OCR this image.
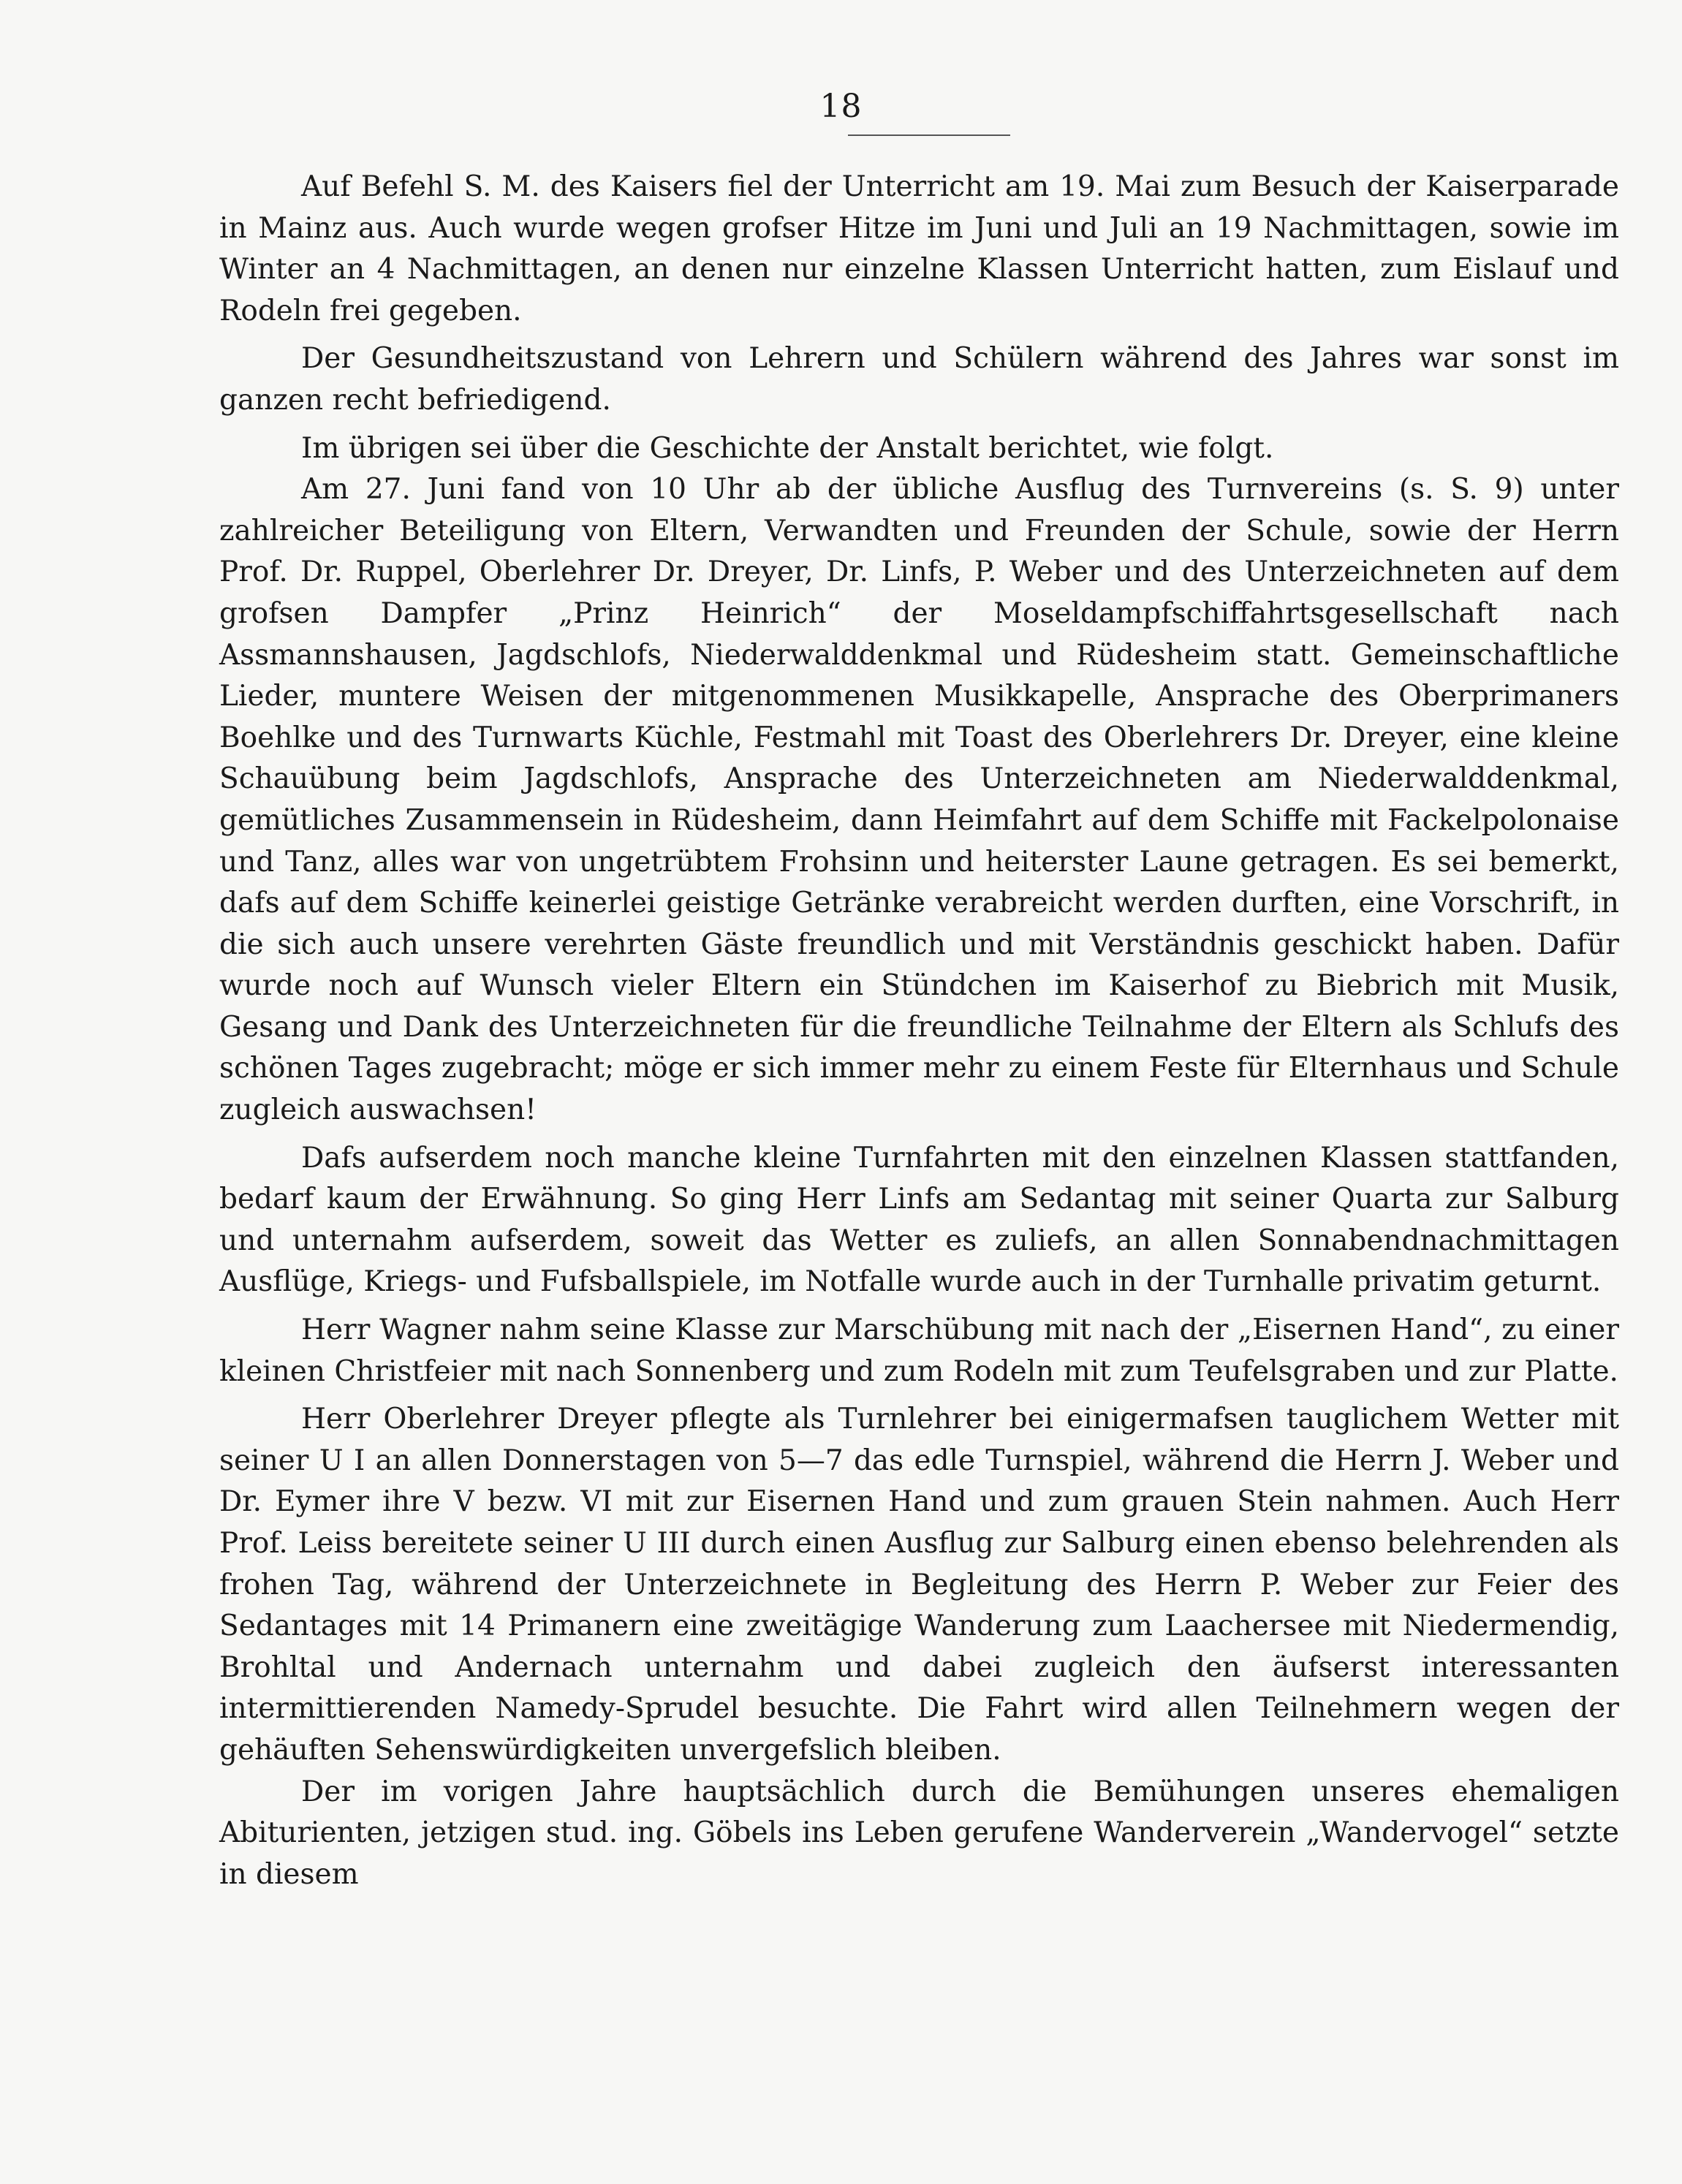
18

Auf Befehl S. M. des Kaisers fiel der Unterricht am 19. Mai zum Besuch der Kaiserparade in Mainz aus. Auch wurde wegen grofser Hitze im Juni und Juli an 19 Nachmittagen, sowie im Winter an 4 Nachmittagen, an denen nur einzelne Klassen Unterricht hatten, zum Eislauf und Rodeln frei gegeben.

Der Gesundheitszustand von Lehrern und Schülern während des Jahres war sonst im ganzen recht befriedigend.

Im übrigen sei über die Geschichte der Anstalt berichtet, wie folgt.

Am 27. Juni fand von 10 Uhr ab der übliche Ausflug des Turnvereins (s. S. 9) unter zahlreicher Beteiligung von Eltern, Verwandten und Freunden der Schule, sowie der Herrn Prof. Dr. Ruppel, Oberlehrer Dr. Dreyer, Dr. Linfs, P. Weber und des Unterzeichneten auf dem grofsen Dampfer „Prinz Heinrich“ der Moseldampfschiffahrtsgesellschaft nach Assmannshausen, Jagdschlofs, Niederwalddenkmal und Rüdesheim statt. Gemeinschaftliche Lieder, muntere Weisen der mitgenommenen Musikkapelle, Ansprache des Oberprimaners Boehlke und des Turnwarts Küchle, Festmahl mit Toast des Oberlehrers Dr. Dreyer, eine kleine Schauübung beim Jagdschlofs, Ansprache des Unterzeichneten am Niederwalddenkmal, gemütliches Zusammensein in Rüdesheim, dann Heimfahrt auf dem Schiffe mit Fackelpolonaise und Tanz, alles war von ungetrübtem Frohsinn und heiterster Laune getragen. Es sei bemerkt, dafs auf dem Schiffe keinerlei geistige Getränke verabreicht werden durften, eine Vorschrift, in die sich auch unsere verehrten Gäste freundlich und mit Verständnis geschickt haben. Dafür wurde noch auf Wunsch vieler Eltern ein Stündchen im Kaiserhof zu Biebrich mit Musik, Gesang und Dank des Unterzeichneten für die freundliche Teilnahme der Eltern als Schlufs des schönen Tages zugebracht; möge er sich immer mehr zu einem Feste für Elternhaus und Schule zugleich auswachsen!

Dafs aufserdem noch manche kleine Turnfahrten mit den einzelnen Klassen stattfanden, bedarf kaum der Erwähnung. So ging Herr Linfs am Sedantag mit seiner Quarta zur Salburg und unternahm aufserdem, soweit das Wetter es zuliefs, an allen Sonnabendnachmittagen Ausflüge, Kriegs- und Fufsballspiele, im Notfalle wurde auch in der Turnhalle privatim geturnt.

Herr Wagner nahm seine Klasse zur Marschübung mit nach der „Eisernen Hand“, zu einer kleinen Christfeier mit nach Sonnenberg und zum Rodeln mit zum Teufelsgraben und zur Platte.

Herr Oberlehrer Dreyer pflegte als Turnlehrer bei einigermafsen tauglichem Wetter mit seiner U I an allen Donnerstagen von 5—7 das edle Turnspiel, während die Herrn J. Weber und Dr. Eymer ihre V bezw. VI mit zur Eisernen Hand und zum grauen Stein nahmen. Auch Herr Prof. Leiss bereitete seiner U III durch einen Ausflug zur Salburg einen ebenso belehrenden als frohen Tag, während der Unterzeichnete in Begleitung des Herrn P. Weber zur Feier des Sedantages mit 14 Primanern eine zweitägige Wanderung zum Laachersee mit Niedermendig, Brohltal und Andernach unternahm und dabei zugleich den äufserst interessanten intermittierenden Namedy-Sprudel besuchte. Die Fahrt wird allen Teilnehmern wegen der gehäuften Sehenswürdigkeiten unvergefslich bleiben.

Der im vorigen Jahre hauptsächlich durch die Bemühungen unseres ehemaligen Abiturienten, jetzigen stud. ing. Göbels ins Leben gerufene Wanderverein „Wandervogel“ setzte in diesem
